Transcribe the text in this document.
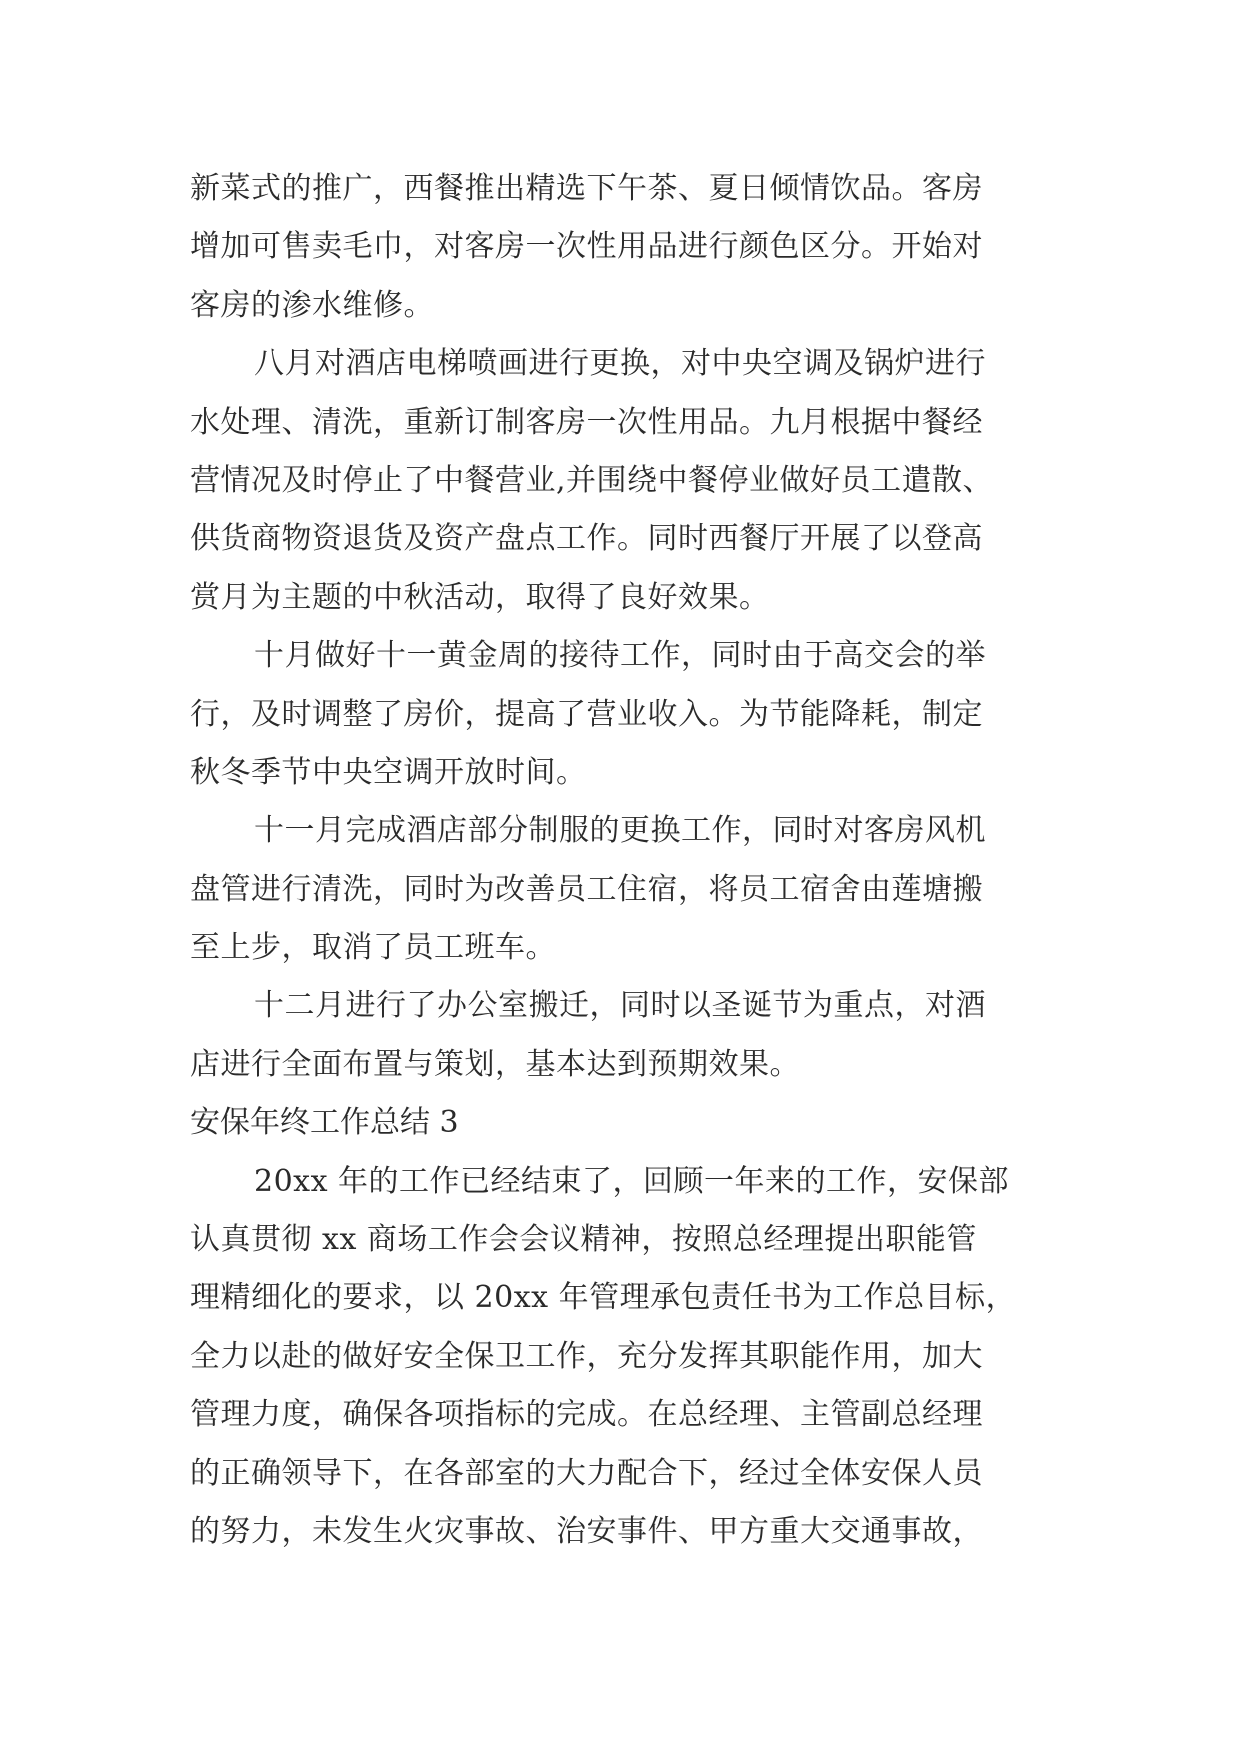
新菜式的推广，西餐推出精选下午茶、夏日倾情饮品。客房
增加可售卖毛巾，对客房一次性用品进行颜色区分。开始对
客房的渗水维修。
八月对酒店电梯喷画进行更换，对中央空调及锅炉进行
水处理、清洗，重新订制客房一次性用品。九月根据中餐经
营情况及时停止了中餐营业,并围绕中餐停业做好员工遣散、
供货商物资退货及资产盘点工作。同时西餐厅开展了以登高
赏月为主题的中秋活动，取得了良好效果。
十月做好十一黄金周的接待工作，同时由于高交会的举
行，及时调整了房价，提高了营业收入。为节能降耗，制定
秋冬季节中央空调开放时间。
十一月完成酒店部分制服的更换工作，同时对客房风机
盘管进行清洗，同时为改善员工住宿，将员工宿舍由莲塘搬
至上步，取消了员工班车。
十二月进行了办公室搬迁，同时以圣诞节为重点，对酒
店进行全面布置与策划，基本达到预期效果。
安保年终工作总结 3
20xx 年的工作已经结束了，回顾一年来的工作，安保部
认真贯彻 xx 商场工作会会议精神，按照总经理提出职能管
理精细化的要求，以 20xx 年管理承包责任书为工作总目标，
全力以赴的做好安全保卫工作，充分发挥其职能作用，加大
管理力度，确保各项指标的完成。在总经理、主管副总经理
的正确领导下，在各部室的大力配合下，经过全体安保人员
的努力，未发生火灾事故、治安事件、甲方重大交通事故，
